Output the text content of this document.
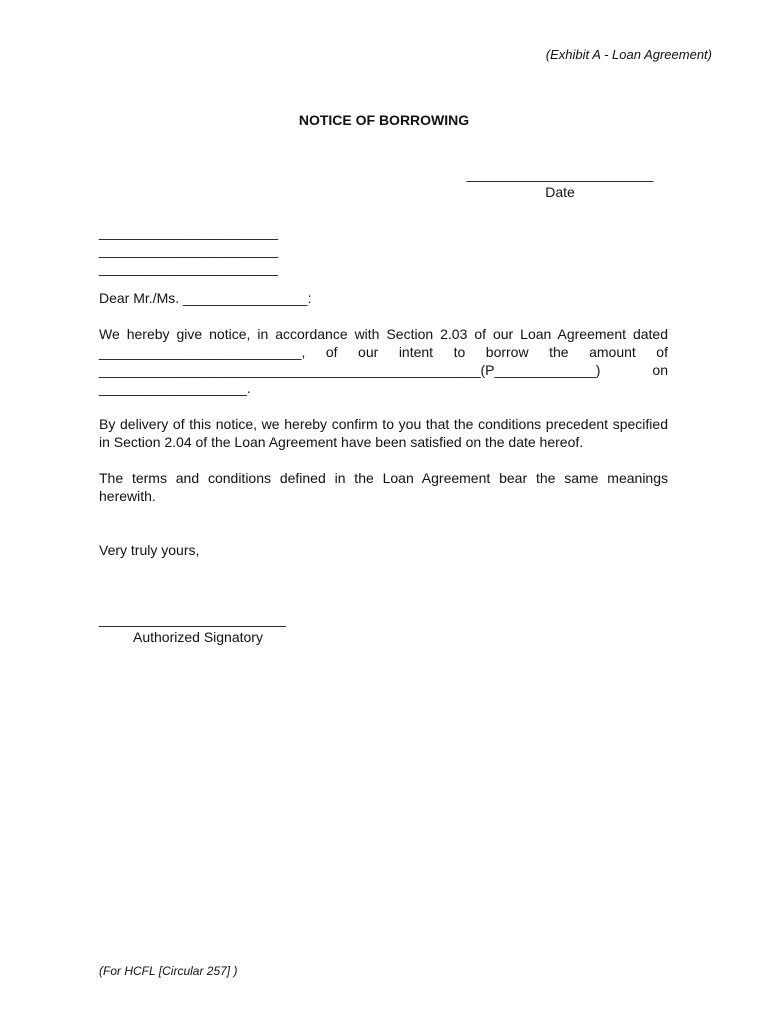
(Exhibit A - Loan Agreement)
NOTICE OF BORROWING
________________________
Date
_______________________
_______________________
_______________________

Dear Mr./Ms. ________________:

We hereby give notice, in accordance with Section 2.03 of our Loan Agreement dated
__________________________, of our intent to borrow the amount of
_________________________________________________(P_____________) on
___________________.

By delivery of this notice, we hereby confirm to you that the conditions precedent specified in Section 2.04 of the Loan Agreement have been satisfied on the date hereof.

The terms and conditions defined in the Loan Agreement bear the same meanings herewith.

Very truly yours,

________________________
Authorized Signatory
(For HCFL [Circular 257] )
